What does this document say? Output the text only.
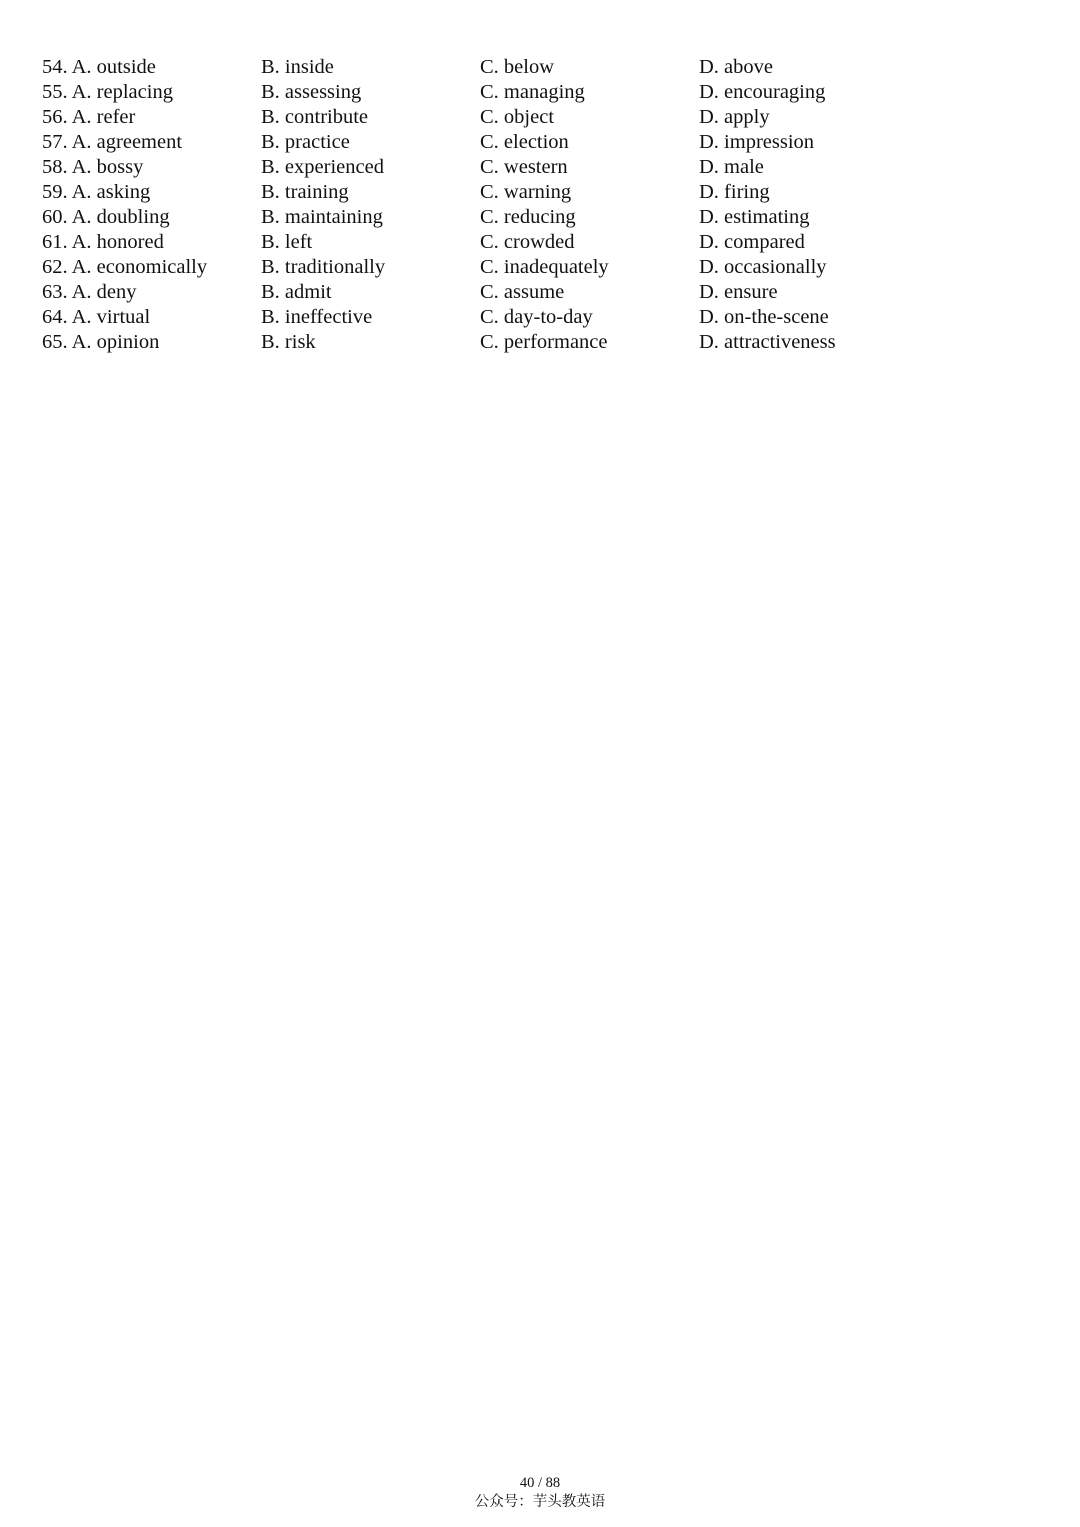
54. A. outside	B. inside	C. below	D. above
55. A. replacing	B. assessing	C. managing	D. encouraging
56. A. refer	B. contribute	C. object	D. apply
57. A. agreement	B. practice	C. election	D. impression
58. A. bossy	B. experienced	C. western	D. male
59. A. asking	B. training	C. warning	D. firing
60. A. doubling	B. maintaining	C. reducing	D. estimating
61. A. honored	B. left	C. crowded	D. compared
62. A. economically	B. traditionally	C. inadequately	D. occasionally
63. A. deny	B. admit	C. assume	D. ensure
64. A. virtual	B. ineffective	C. day-to-day	D. on-the-scene
65. A. opinion	B. risk	C. performance	D. attractiveness
40 / 88
公众号：芋头教英语
